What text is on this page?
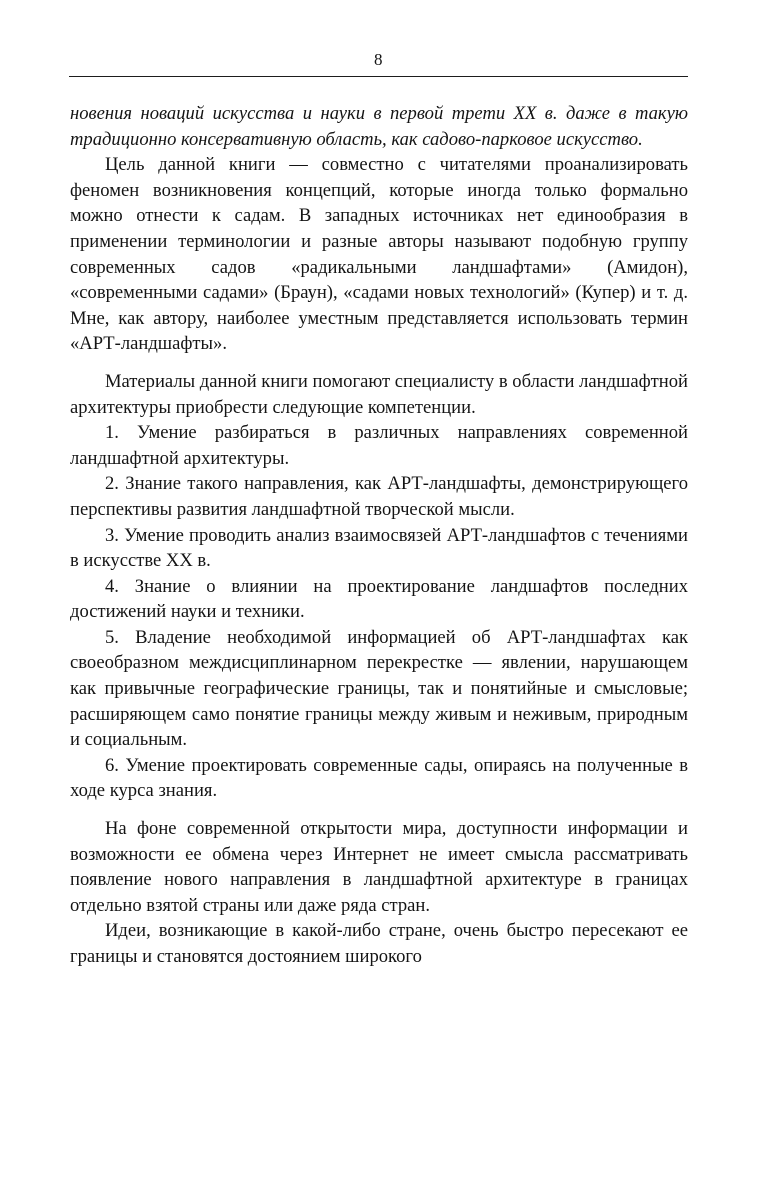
8

новения новаций искусства и науки в первой трети XX в. даже в такую традиционно консервативную область, как садово-парковое искусство.

Цель данной книги — совместно с читателями проанализировать феномен возникновения концепций, которые иногда только формально можно отнести к садам. В западных источниках нет единообразия в применении терминологии и разные авторы называют подобную группу современных садов «радикальными ландшафтами» (Амидон), «современными садами» (Браун), «садами новых технологий» (Купер) и т. д. Мне, как автору, наиболее уместным представляется использовать термин «АРТ-ландшафты».

Материалы данной книги помогают специалисту в области ландшафтной архитектуры приобрести следующие компетенции.

1. Умение разбираться в различных направлениях современной ландшафтной архитектуры.

2. Знание такого направления, как АРТ-ландшафты, демонстрирующего перспективы развития ландшафтной творческой мысли.

3. Умение проводить анализ взаимосвязей АРТ-ландшафтов с течениями в искусстве XX в.

4. Знание о влиянии на проектирование ландшафтов последних достижений науки и техники.

5. Владение необходимой информацией об АРТ-ландшафтах как своеобразном междисциплинарном перекрестке — явлении, нарушающем как привычные географические границы, так и понятийные и смысловые; расширяющем само понятие границы между живым и неживым, природным и социальным.

6. Умение проектировать современные сады, опираясь на полученные в ходе курса знания.

На фоне современной открытости мира, доступности информации и возможности ее обмена через Интернет не имеет смысла рассматривать появление нового направления в ландшафтной архитектуре в границах отдельно взятой страны или даже ряда стран.

Идеи, возникающие в какой-либо стране, очень быстро пересекают ее границы и становятся достоянием широкого
